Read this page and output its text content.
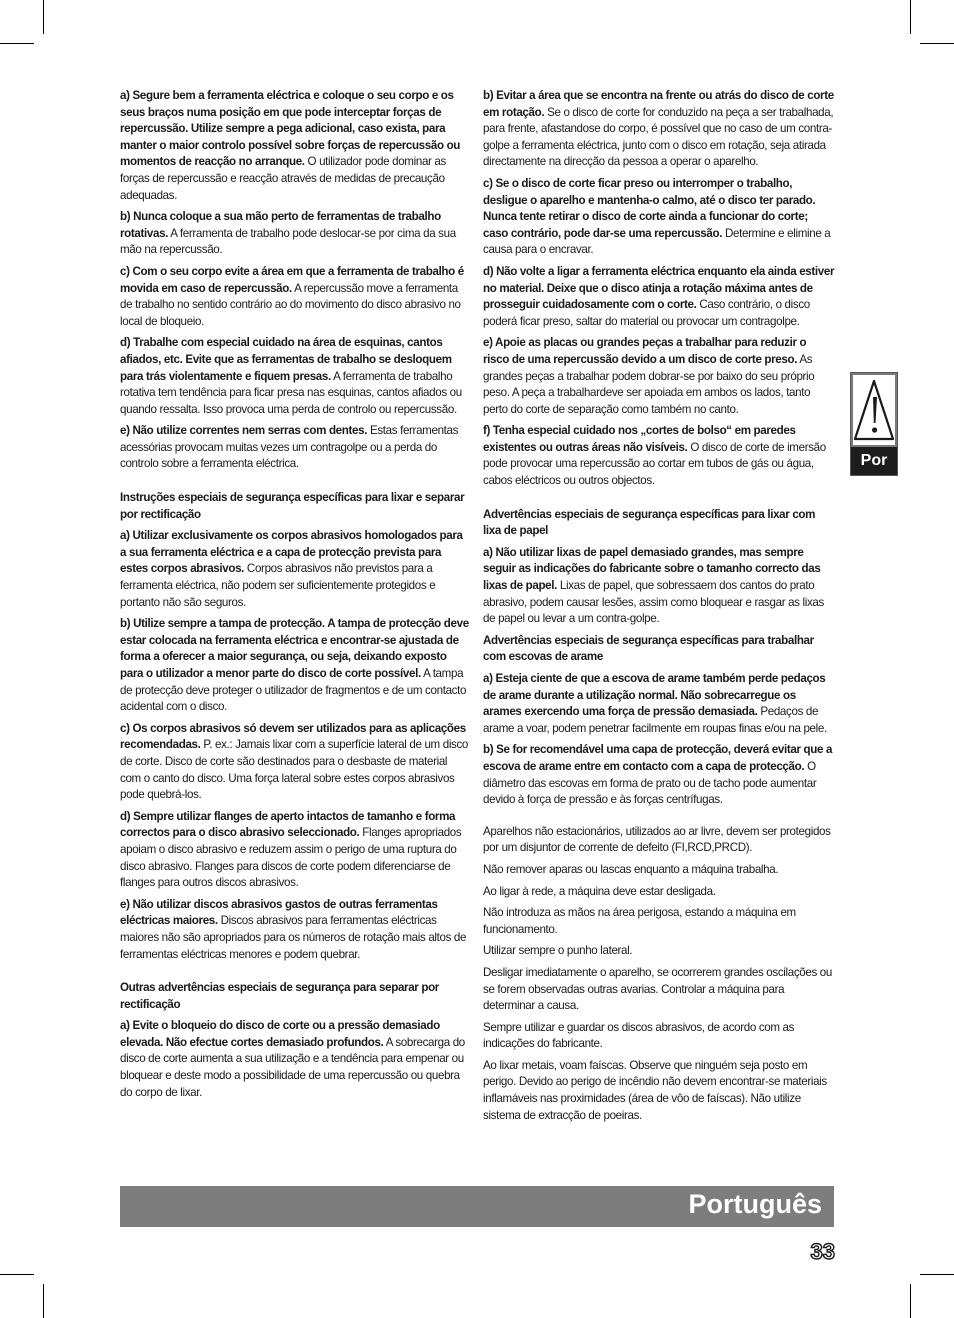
a) Segure bem a ferramenta eléctrica e coloque o seu corpo e os seus braços numa posição em que pode interceptar forças de repercussão. Utilize sempre a pega adicional, caso exista, para manter o maior controlo possível sobre forças de repercussão ou momentos de reacção no arranque. O utilizador pode dominar as forças de repercussão e reacção através de medidas de precaução adequadas.

b) Nunca coloque a sua mão perto de ferramentas de trabalho rotativas. A ferramenta de trabalho pode deslocar-se por cima da sua mão na repercussão.

c) Com o seu corpo evite a área em que a ferramenta de trabalho é movida em caso de repercussão. A repercussão move a ferramenta de trabalho no sentido contrário ao do movimento do disco abrasivo no local de bloqueio.

d) Trabalhe com especial cuidado na área de esquinas, cantos afiados, etc. Evite que as ferramentas de trabalho se desloquem para trás violentamente e fiquem presas. A ferramenta de trabalho rotativa tem tendência para ficar presa nas esquinas, cantos afiados ou quando ressalta. Isso provoca uma perda de controlo ou repercussão.

e) Não utilize correntes nem serras com dentes. Estas ferramentas acessórias provocam muitas vezes um contragolpe ou a perda do controlo sobre a ferramenta eléctrica.

Instruções especiais de segurança específicas para lixar e separar por rectificação

a) Utilizar exclusivamente os corpos abrasivos homologados para a sua ferramenta eléctrica e a capa de protecção prevista para estes corpos abrasivos. Corpos abrasivos não previstos para a ferramenta eléctrica, não podem ser suficientemente protegidos e portanto não são seguros.

b) Utilize sempre a tampa de protecção. A tampa de protecção deve estar colocada na ferramenta eléctrica e encontrar-se ajustada de forma a oferecer a maior segurança, ou seja, deixando exposto para o utilizador a menor parte do disco de corte possível. A tampa de protecção deve proteger o utilizador de fragmentos e de um contacto acidental com o disco.

c) Os corpos abrasivos só devem ser utilizados para as aplicações recomendadas. P. ex.: Jamais lixar com a superfície lateral de um disco de corte. Disco de corte são destinados para o desbaste de material com o canto do disco. Uma força lateral sobre estes corpos abrasivos pode quebrá-los.

d) Sempre utilizar flanges de aperto intactos de tamanho e forma correctos para o disco abrasivo seleccionado. Flanges apropriados apoiam o disco abrasivo e reduzem assim o perigo de uma ruptura do disco abrasivo. Flanges para discos de corte podem diferenciarse de flanges para outros discos abrasivos.

e) Não utilizar discos abrasivos gastos de outras ferramentas eléctricas maiores. Discos abrasivos para ferramentas eléctricas maiores não são apropriados para os números de rotação mais altos de ferramentas eléctricas menores e podem quebrar.

Outras advertências especiais de segurança para separar por rectificação

a) Evite o bloqueio do disco de corte ou a pressão demasiado elevada. Não efectue cortes demasiado profundos. A sobrecarga do disco de corte aumenta a sua utilização e a tendência para empenar ou bloquear e deste modo a possibilidade de uma repercussão ou quebra do corpo de lixar.

b) Evitar a área que se encontra na frente ou atrás do disco de corte em rotação. Se o disco de corte for conduzido na peça a ser trabalhada, para frente, afastandose do corpo, é possível que no caso de um contra-golpe a ferramenta eléctrica, junto com o disco em rotação, seja atirada directamente na direcção da pessoa a operar o aparelho.

c) Se o disco de corte ficar preso ou interromper o trabalho, desligue o aparelho e mantenha-o calmo, até o disco ter parado. Nunca tente retirar o disco de corte ainda a funcionar do corte; caso contrário, pode dar-se uma repercussão. Determine e elimine a causa para o encravar.

d) Não volte a ligar a ferramenta eléctrica enquanto ela ainda estiver no material. Deixe que o disco atinja a rotação máxima antes de prosseguir cuidadosamente com o corte. Caso contrário, o disco poderá ficar preso, saltar do material ou provocar um contragolpe.

e) Apoie as placas ou grandes peças a trabalhar para reduzir o risco de uma repercussão devido a um disco de corte preso. As grandes peças a trabalhar podem dobrar-se por baixo do seu próprio peso. A peça a trabalhardeve ser apoiada em ambos os lados, tanto perto do corte de separação como também no canto.

f) Tenha especial cuidado nos „cortes de bolso“ em paredes existentes ou outras áreas não visíveis. O disco de corte de imersão pode provocar uma repercussão ao cortar em tubos de gás ou água, cabos eléctricos ou outros objectos.

Advertências especiais de segurança específicas para lixar com lixa de papel

a) Não utilizar lixas de papel demasiado grandes, mas sempre seguir as indicações do fabricante sobre o tamanho correcto das lixas de papel. Lixas de papel, que sobressaem dos cantos do prato abrasivo, podem causar lesões, assim como bloquear e rasgar as lixas de papel ou levar a um contra-golpe.

Advertências especiais de segurança específicas para trabalhar com escovas de arame

a) Esteja ciente de que a escova de arame também perde pedaços de arame durante a utilização normal. Não sobrecarregue os arames exercendo uma força de pressão demasiada. Pedaços de arame a voar, podem penetrar facilmente em roupas finas e/ou na pele.

b) Se for recomendável uma capa de protecção, deverá evitar que a escova de arame entre em contacto com a capa de protecção. O diâmetro das escovas em forma de prato ou de tacho pode aumentar devido à força de pressão e às forças centrífugas.

Aparelhos não estacionários, utilizados ao ar livre, devem ser protegidos por um disjuntor de corrente de defeito (FI,RCD,PRCD).

Não remover aparas ou lascas enquanto a máquina trabalha.

Ao ligar à rede, a máquina deve estar desligada.

Não introduza as mãos na área perigosa, estando a máquina em funcionamento.

Utilizar sempre o punho lateral.

Desligar imediatamente o aparelho, se ocorrerem grandes oscilações ou se forem observadas outras avarias. Controlar a máquina para determinar a causa.

Sempre utilizar e guardar os discos abrasivos, de acordo com as indicações do fabricante.

Ao lixar metais, voam faíscas. Observe que ninguém seja posto em perigo. Devido ao perigo de incêndio não devem encontrar-se materiais inflamáveis nas proximidades (área de vôo de faíscas). Não utilize sistema de extracção de poeiras.

Por
Português
33
